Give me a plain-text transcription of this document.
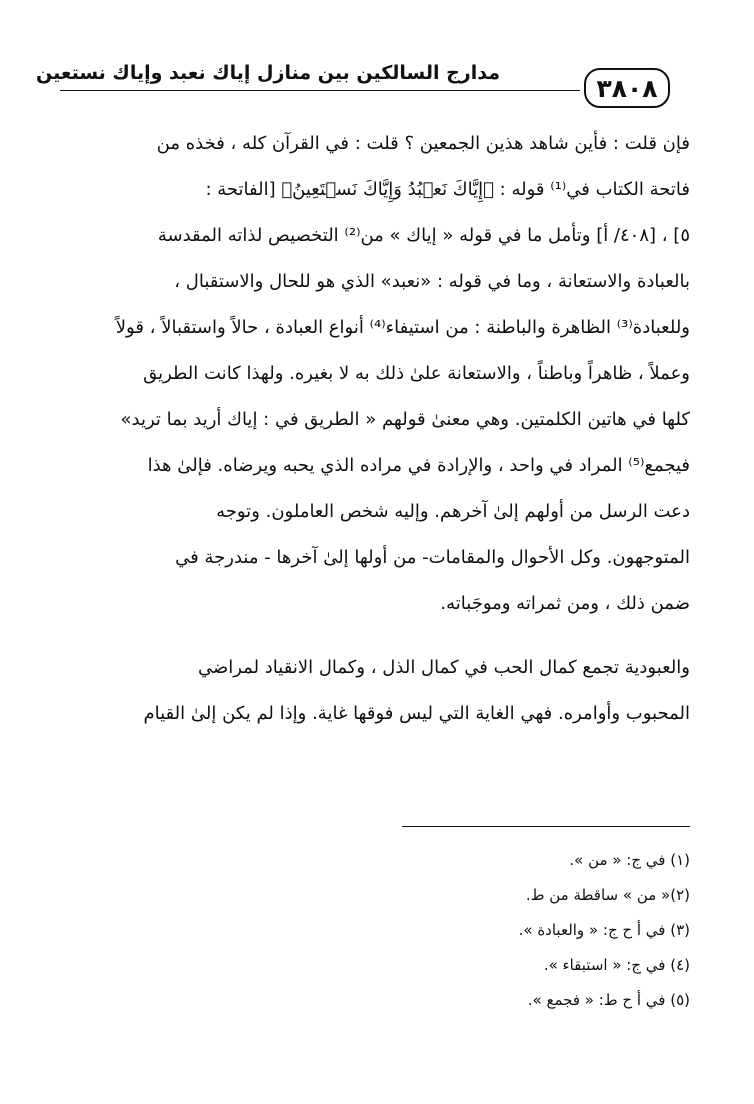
مدارج السالكين بين منازل إياك نعبد وإياك نستعين
٣٨٠٨
فإن قلت : فأين شاهد هذين الجمعين ؟ قلت : في القرآن كله ، فخذه من
فاتحة الكتاب في⁽¹⁾ قوله : ﴿إِيَّاكَ نَعۡبُدُ وَإِيَّاكَ نَسۡتَعِينُ﴾ [الفاتحة :
٥] ، [٤٠٨/ أ] وتأمل ما في قوله « إياك » من⁽²⁾ التخصيص لذاته المقدسة
بالعبادة والاستعانة ، وما في قوله : «نعبد» الذي هو للحال والاستقبال ،
وللعبادة⁽³⁾ الظاهرة والباطنة : من استيفاء⁽⁴⁾ أنواع العبادة ، حالاً واستقبالاً ، قولاً
وعملاً ، ظاهراً وباطناً ، والاستعانة علىٰ ذلك به لا بغيره. ولهذا كانت الطريق
كلها في هاتين الكلمتين. وهي معنىٰ قولهم « الطريق في : إياك أريد بما تريد»
فيجمع⁽⁵⁾ المراد في واحد ، والإرادة في مراده الذي يحبه ويرضاه. فإلىٰ هذا
دعت الرسل من أولهم إلىٰ آخرهم. وإليه شخص العاملون. وتوجه
المتوجهون. وكل الأحوال والمقامات- من أولها إلىٰ آخرها - مندرجة في
ضمن ذلك ، ومن ثمراته وموجَباته.
والعبودية تجمع كمال الحب في كمال الذل ، وكمال الانقياد لمراضي
المحبوب وأوامره. فهي الغاية التي ليس فوقها غاية. وإذا لم يكن إلىٰ القيام
(١) في ج: « من ».
(٢)« من » ساقطة من ط.
(٣) في أ ح ج: « والعبادة ».
(٤) في ج: « استبقاء ».
(٥) في أ ح ط: « فجمع ».
